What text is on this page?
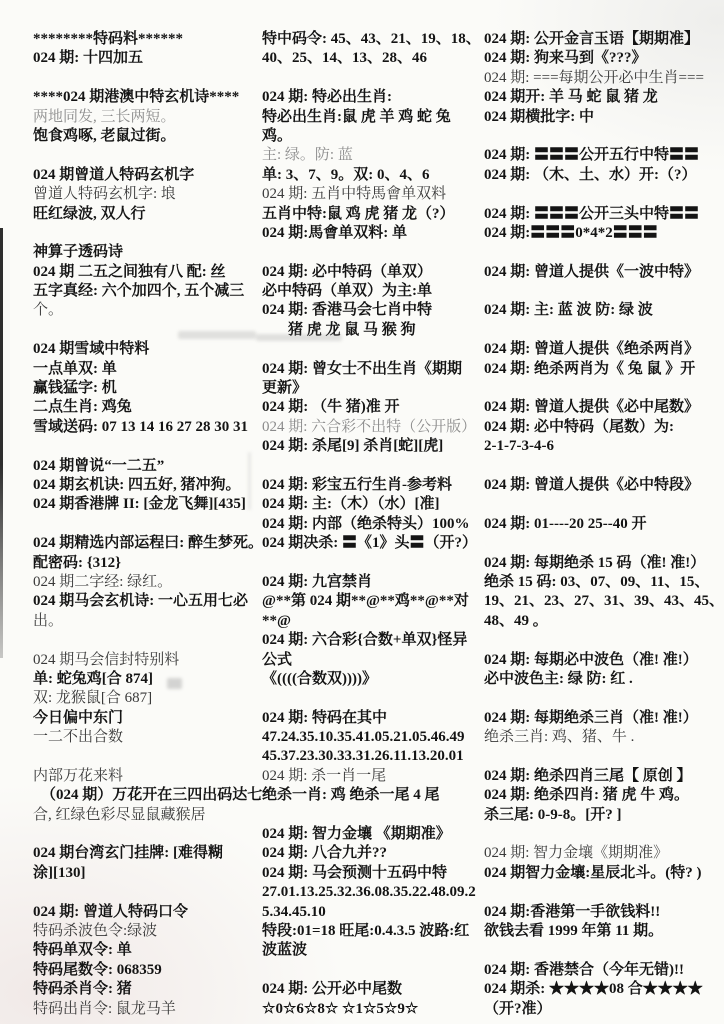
********特码料******
024 期: 十四加五

****024 期港澳中特玄机诗****
两地同发, 三长两短。
饱食鸡啄, 老鼠过街。

024 期曾道人特码玄机字
曾道人特码玄机字: 埌
旺红绿波, 双人行

神算子透码诗
024 期 二五之间独有八 配: 丝
五字真经: 六个加四个, 五个减三
个。

024 期雪域中特料
一点单双: 单
赢钱猛字: 机
二点生肖: 鸡兔
雪域送码: 07 13 14 16 27 28 30 31

024 期曾说“一二五”
024 期玄机诀: 四五好, 猪冲狗。
024 期香港牌 II: [金龙飞舞][435]

024 期精选内部运程曰: 醉生梦死。
配密码: {312}
024 期二字经: 绿红。
024 期马会玄机诗: 一心五用七必
出。

024 期马会信封特别料
单: 蛇兔鸡[合 874]
双: 龙猴鼠[合 687]
今日偏中东门
一二不出合数

内部万花来料
（024 期）万花开在三四出码达七
合, 红绿色彩尽显鼠藏猴居

024 期台湾玄门挂牌: [难得糊
涂][130]

024 期: 曾道人特码口令
特码杀波色令:绿波
特码单双令: 单
特码尾数令: 068359
特码杀肖令: 猪
特码出肖令: 鼠龙马羊
特中码令: 45、43、21、19、18、
40、25、14、13、28、46

024 期: 特必出生肖:
特必出生肖:鼠 虎 羊 鸡 蛇 兔
鸡。
主: 绿。防: 蓝
单: 3、7、9。双: 0、4、6
024 期: 五肖中特馬會单双料
五肖中特:鼠 鸡 虎 猪 龙（?）
024 期:馬會单双料: 单

024 期: 必中特码（单双）
必中特码（单双）为主:单
024 期: 香港马会七肖中特
猪 虎 龙 鼠 马 猴 狗

024 期: 曾女士不出生肖《期期
更新》
024 期: （牛 猪)准 开
024 期: 六合彩不出特（公开版）
024 期: 杀尾[9] 杀肖[蛇][虎]

024 期: 彩宝五行生肖-参考料
024 期: 主:（木）（水）[准]
024 期: 内部（绝杀特头）100%
024 期决杀: 〓《1》头〓（开?）

024 期: 九宫禁肖
@**第 024 期**@**鸡**@**对
**@
024 期: 六合彩{合数+单双}怪异
公式
《((((合数双))))》

024 期: 特码在其中
47.24.35.10.35.41.05.21.05.46.49
45.37.23.30.33.31.26.11.13.20.01
024 期: 杀一肖一尾
绝杀一肖: 鸡 绝杀一尾 4 尾

024 期: 智力金壤 《期期准》
024 期: 八合九并??
024 期: 马会预测十五码中特
27.01.13.25.32.36.08.35.22.48.09.2
5.34.45.10
特段:01=18 旺尾:0.4.3.5 波路:红
波蓝波

024 期: 公开必中尾数
☆0☆6☆8☆ ☆1☆5☆9☆
024 期: 公开金言玉语【期期准】
024 期: 狗来马到《???》
024 期: ===每期公开必中生肖===
024 期开: 羊 马 蛇 鼠 猪 龙
024 期横批字: 中

024 期: 〓〓〓公开五行中特〓〓
024 期: （木、土、水）开:（?）

024 期: 〓〓〓公开三头中特〓〓
024 期:〓〓〓0*4*2〓〓〓

024 期: 曾道人提供《一波中特》

024 期: 主: 蓝 波 防: 绿 波

024 期: 曾道人提供《绝杀两肖》
024 期: 绝杀两肖为《 兔 鼠 》开

024 期: 曾道人提供《必中尾数》
024 期: 必中特码（尾数）为:
2-1-7-3-4-6

024 期: 曾道人提供《必中特段》

024 期: 01----20 25--40 开

024 期: 每期绝杀 15 码（准! 准!）
绝杀 15 码: 03、07、09、11、15、
19、21、23、27、31、39、43、45、
48、49 。

024 期: 每期必中波色（准! 准!）
必中波色主: 绿 防: 红 .

024 期: 每期绝杀三肖（准! 准!）
绝杀三肖: 鸡、猪、牛 .

024 期: 绝杀四肖三尾【 原创 】
024 期: 绝杀四肖: 猪 虎 牛 鸡。
杀三尾: 0-9-8。[开? ]

024 期: 智力金壤《期期准》
024 期智力金壤:星辰北斗。(特? )

024 期:香港第一手欲钱料!!
欲钱去看 1999 年第 11 期。

024 期: 香港禁合（今年无错)!!
024 期杀: ★★★★08 合★★★★
（开?准）
